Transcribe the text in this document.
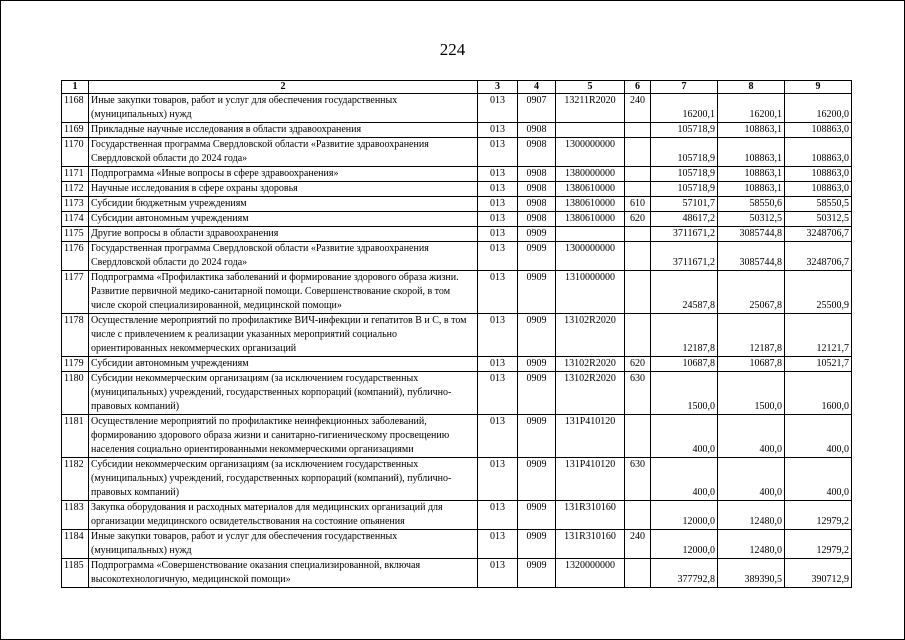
224
1	2	3	4	5	6	7	8	9
1168	Иные закупки товаров, работ и услуг для обеспечения государственных (муниципальных) нужд	013	0907	13211R2020	240	16200,1	16200,1	16200,0
1169	Прикладные научные исследования в области здравоохранения	013	0908			105718,9	108863,1	108863,0
1170	Государственная программа Свердловской области «Развитие здравоохранения Свердловской области до 2024 года»	013	0908	1300000000		105718,9	108863,1	108863,0
1171	Подпрограмма «Иные вопросы в сфере здравоохранения»	013	0908	1380000000		105718,9	108863,1	108863,0
1172	Научные исследования в сфере охраны здоровья	013	0908	1380610000		105718,9	108863,1	108863,0
1173	Субсидии бюджетным учреждениям	013	0908	1380610000	610	57101,7	58550,6	58550,5
1174	Субсидии автономным учреждениям	013	0908	1380610000	620	48617,2	50312,5	50312,5
1175	Другие вопросы в области здравоохранения	013	0909			3711671,2	3085744,8	3248706,7
1176	Государственная программа Свердловской области «Развитие здравоохранения Свердловской области до 2024 года»	013	0909	1300000000		3711671,2	3085744,8	3248706,7
1177	Подпрограмма «Профилактика заболеваний и формирование здорового образа жизни. Развитие первичной медико-санитарной помощи. Совершенствование скорой, в том числе скорой специализированной, медицинской помощи»	013	0909	1310000000		24587,8	25067,8	25500,9
1178	Осуществление мероприятий по профилактике ВИЧ-инфекции и гепатитов В и С, в том числе с привлечением к реализации указанных мероприятий социально ориентированных некоммерческих организаций	013	0909	13102R2020		12187,8	12187,8	12121,7
1179	Субсидии автономным учреждениям	013	0909	13102R2020	620	10687,8	10687,8	10521,7
1180	Субсидии некоммерческим организациям (за исключением государственных (муниципальных) учреждений, государственных корпораций (компаний), публично-правовых компаний)	013	0909	13102R2020	630	1500,0	1500,0	1600,0
1181	Осуществление мероприятий по профилактике неинфекционных заболеваний, формированию здорового образа жизни и санитарно-гигиеническому просвещению населения социально ориентированными некоммерческими организациями	013	0909	131P410120		400,0	400,0	400,0
1182	Субсидии некоммерческим организациям (за исключением государственных (муниципальных) учреждений, государственных корпораций (компаний), публично-правовых компаний)	013	0909	131P410120	630	400,0	400,0	400,0
1183	Закупка оборудования и расходных материалов для медицинских организаций для организации медицинского освидетельствования на состояние опьянения	013	0909	131R310160		12000,0	12480,0	12979,2
1184	Иные закупки товаров, работ и услуг для обеспечения государственных (муниципальных) нужд	013	0909	131R310160	240	12000,0	12480,0	12979,2
1185	Подпрограмма «Совершенствование оказания специализированной, включая высокотехнологичную, медицинской помощи»	013	0909	1320000000		377792,8	389390,5	390712,9
